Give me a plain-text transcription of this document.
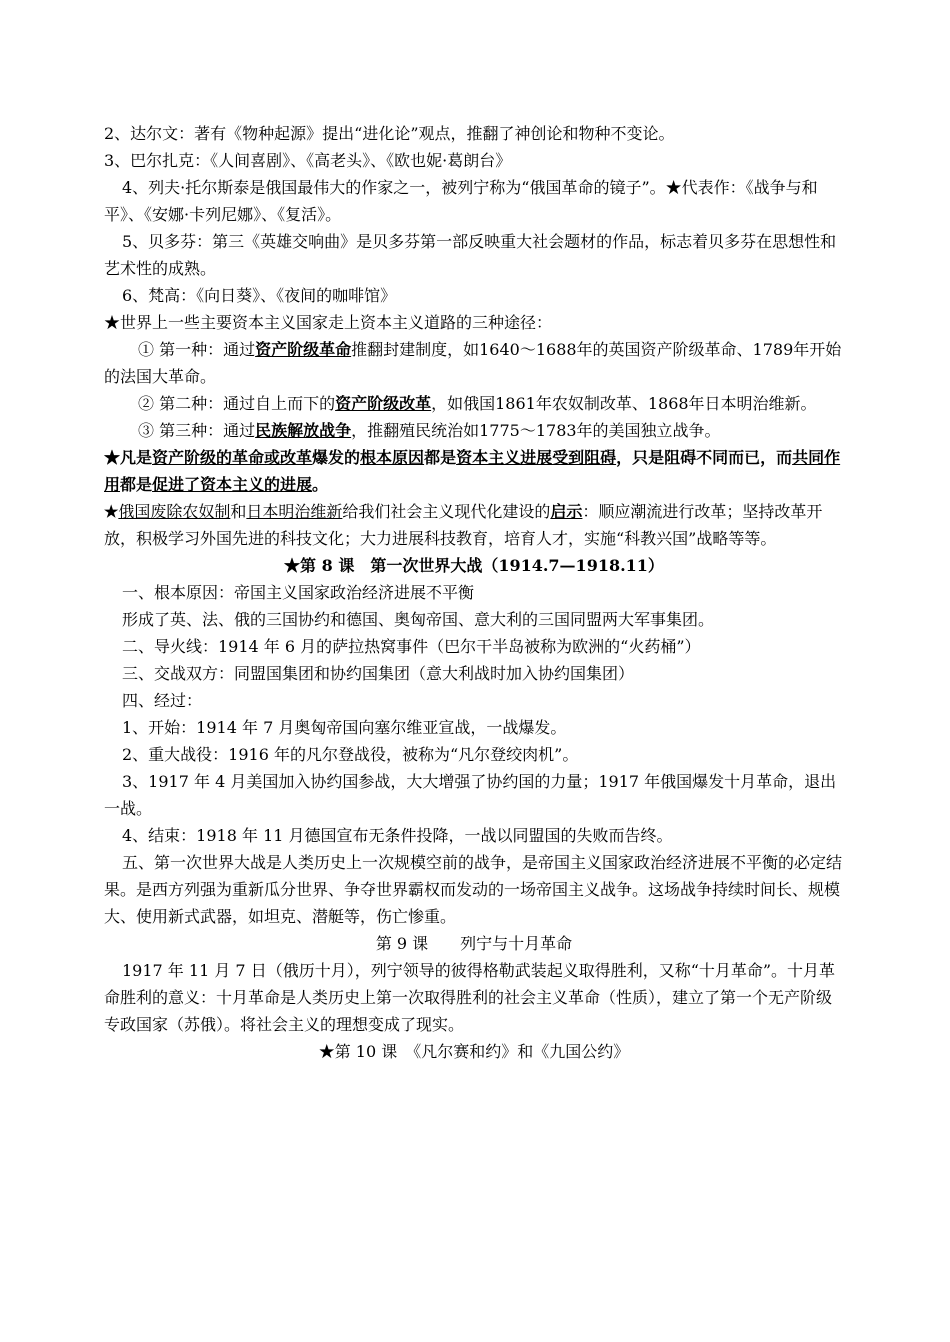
2、达尔文：著有《物种起源》提出“进化论”观点，推翻了神创论和物种不变论。

3、巴尔扎克：《人间喜剧》、《高老头》、《欧也妮·葛朗台》

4、列夫·托尔斯泰是俄国最伟大的作家之一，被列宁称为“俄国革命的镜子”。★代表作：《战争与和平》、《安娜·卡列尼娜》、《复活》。

5、贝多芬：第三《英雄交响曲》是贝多芬第一部反映重大社会题材的作品，标志着贝多芬在思想性和艺术性的成熟。

6、梵高：《向日葵》、《夜间的咖啡馆》

★世界上一些主要资本主义国家走上资本主义道路的三种途径：

① 第一种：通过资产阶级革命推翻封建制度，如1640～1688年的英国资产阶级革命、1789年开始的法国大革命。

② 第二种：通过自上而下的资产阶级改革，如俄国1861年农奴制改革、1868年日本明治维新。

③ 第三种：通过民族解放战争，推翻殖民统治如1775～1783年的美国独立战争。

★凡是资产阶级的革命或改革爆发的根本原因都是资本主义进展受到阻碍，只是阻碍不同而已，而共同作用都是促进了资本主义的进展。

★俄国废除农奴制和日本明治维新给我们社会主义现代化建设的启示：顺应潮流进行改革；坚持改革开放，积极学习外国先进的科技文化；大力进展科技教育，培育人才，实施“科教兴国”战略等等。

★第 8 课　第一次世界大战（1914.7—1918.11）

一、根本原因：帝国主义国家政治经济进展不平衡

形成了英、法、俄的三国协约和德国、奥匈帝国、意大利的三国同盟两大军事集团。

二、导火线：1914 年 6 月的萨拉热窝事件（巴尔干半岛被称为欧洲的“火药桶”）

三、交战双方：同盟国集团和协约国集团（意大利战时加入协约国集团）

四、经过：

1、开始：1914 年 7 月奥匈帝国向塞尔维亚宣战，一战爆发。

2、重大战役：1916 年的凡尔登战役，被称为“凡尔登绞肉机”。

3、1917 年 4 月美国加入协约国参战，大大增强了协约国的力量；1917 年俄国爆发十月革命，退出一战。

4、结束：1918 年 11 月德国宣布无条件投降，一战以同盟国的失败而告终。

五、第一次世界大战是人类历史上一次规模空前的战争，是帝国主义国家政治经济进展不平衡的必定结果。是西方列强为重新瓜分世界、争夺世界霸权而发动的一场帝国主义战争。这场战争持续时间长、规模大、使用新式武器，如坦克、潜艇等，伤亡惨重。

第 9 课　　列宁与十月革命

1917 年 11 月 7 日（俄历十月），列宁领导的彼得格勒武装起义取得胜利，又称“十月革命”。十月革命胜利的意义：十月革命是人类历史上第一次取得胜利的社会主义革命（性质），建立了第一个无产阶级专政国家（苏俄）。将社会主义的理想变成了现实。

★第 10 课　《凡尔赛和约》和《九国公约》
